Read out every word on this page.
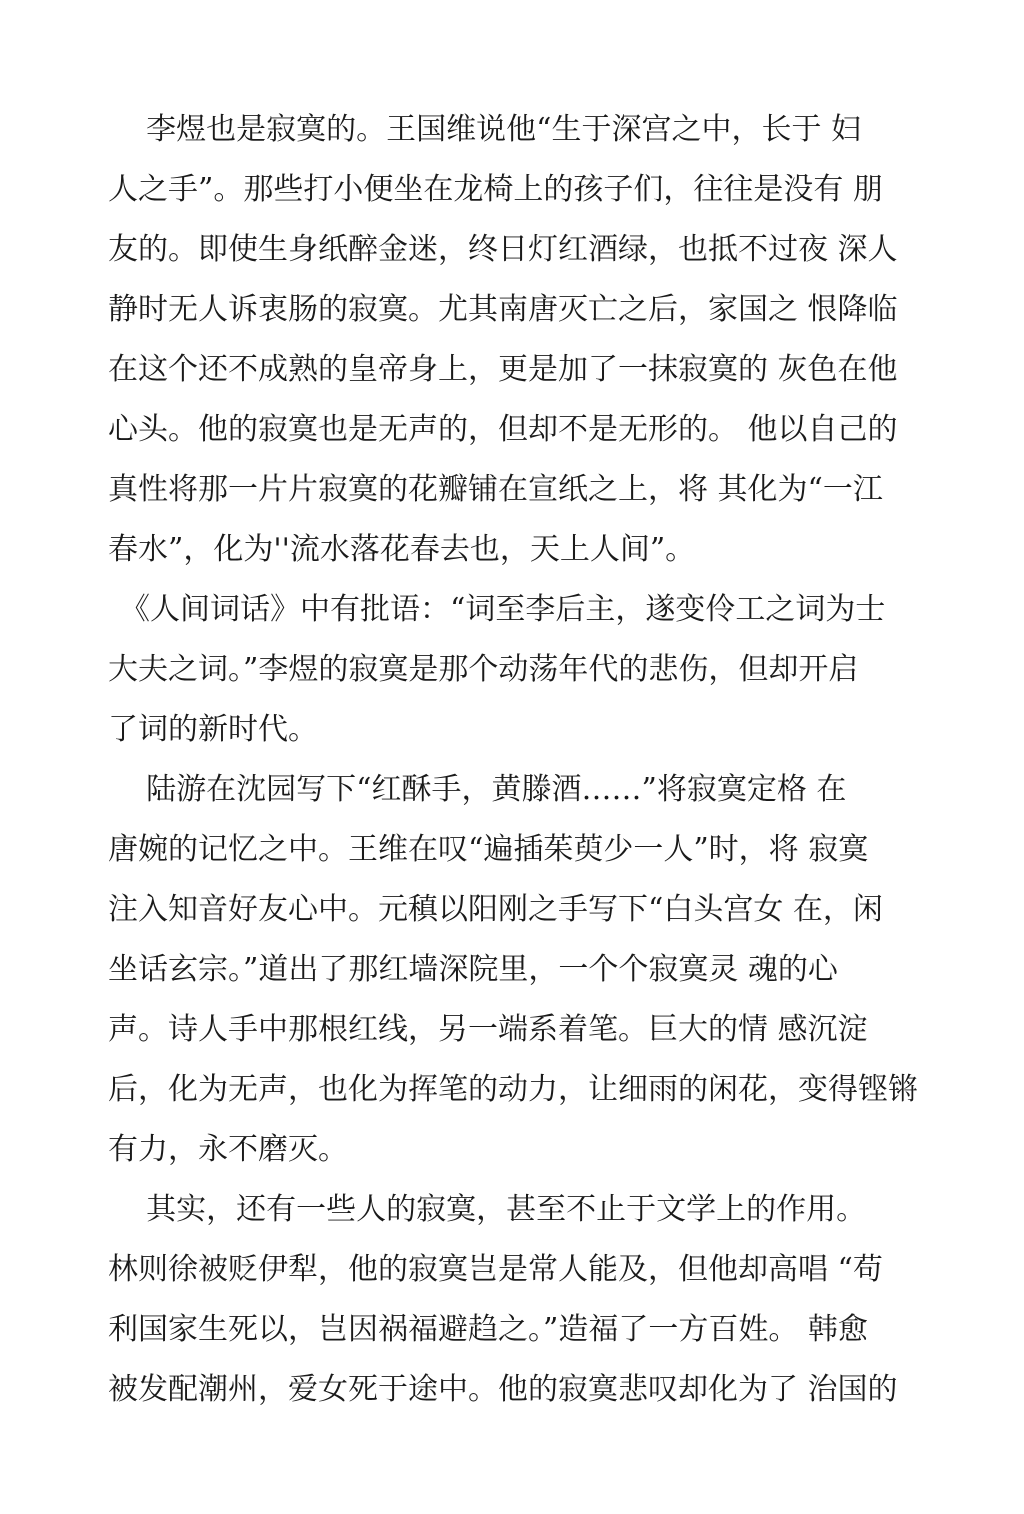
李煜也是寂寞的。王国维说他“生于深宫之中，长于 妇
人之手”。那些打小便坐在龙椅上的孩子们，往往是没有 朋
友的。即使生身纸醉金迷，终日灯红酒绿，也抵不过夜 深人
静时无人诉衷肠的寂寞。尤其南唐灭亡之后，家国之 恨降临
在这个还不成熟的皇帝身上，更是加了一抹寂寞的 灰色在他
心头。他的寂寞也是无声的，但却不是无形的。 他以自己的
真性将那一片片寂寞的花瓣铺在宣纸之上，将 其化为“一江
春水”，化为''流水落花春去也，天上人间”。
《人间词话》中有批语：“词至李后主，遂变伶工之词为士
大夫之词。”李煜的寂寞是那个动荡年代的悲伤，但却开启
了词的新时代。
陆游在沈园写下“红酥手，黄滕酒……”将寂寞定格 在
唐婉的记忆之中。王维在叹“遍插茱萸少一人”时，将 寂寞
注入知音好友心中。元稹以阳刚之手写下“白头宫女 在，闲
坐话玄宗。”道出了那红墙深院里，一个个寂寞灵 魂的心
声。诗人手中那根红线，另一端系着笔。巨大的情 感沉淀
后，化为无声，也化为挥笔的动力，让细雨的闲花，变得铿锵
有力，永不磨灭。
其实，还有一些人的寂寞，甚至不止于文学上的作用。
林则徐被贬伊犁，他的寂寞岂是常人能及，但他却高唱 “苟
利国家生死以，岂因祸福避趋之。”造福了一方百姓。 韩愈
被发配潮州，爱女死于途中。他的寂寞悲叹却化为了 治国的
